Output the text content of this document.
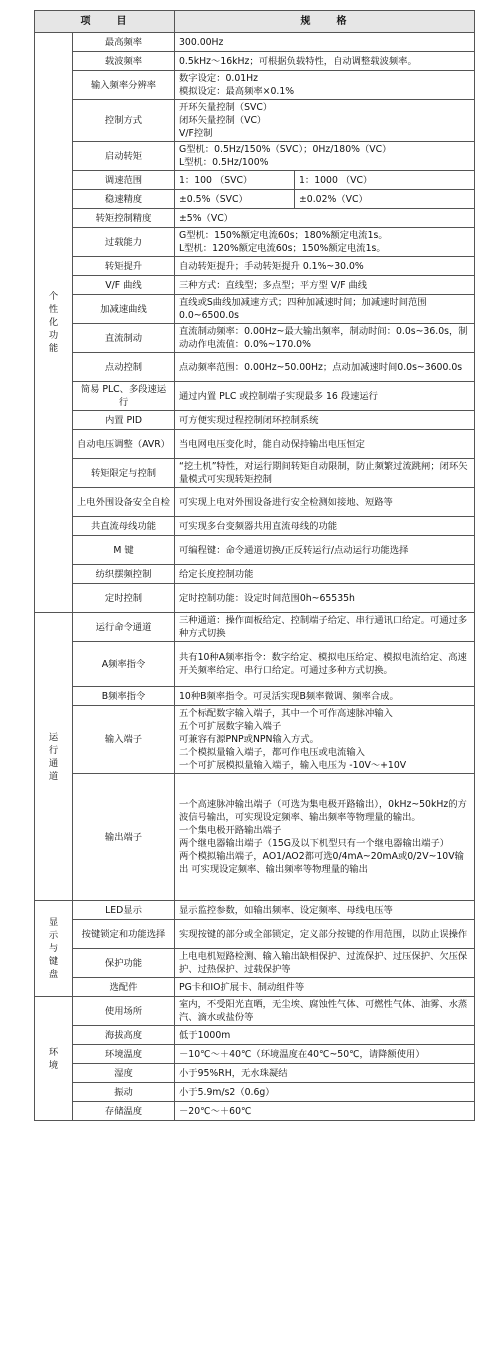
项　　目		规　　格	
个性化功能	最高频率	300.00Hz	

	载波频率	0.5kHz～16kHz；可根据负载特性，自动调整载波频率。	

	输入频率分辨率	数字设定：0.01Hz
模拟设定：最高频率×0.1%	

	控制方式	开环矢量控制（SVC）
闭环矢量控制（VC）
V/F控制	

	启动转矩	G型机：0.5Hz/150%（SVC）；0Hz/180%（VC）
L型机：0.5Hz/100%	

	调速范围	1：100 （SVC）	1：1000 （VC）
	稳速精度	±0.5%（SVC）	±0.02%（VC）
	转矩控制精度	±5%（VC）	

	过载能力	G型机：150%额定电流60s；180%额定电流1s。
L型机：120%额定电流60s；150%额定电流1s。	

	转矩提升	自动转矩提升；手动转矩提升 0.1%~30.0%	

	V/F 曲线	三种方式：直线型；多点型；平方型 V/F 曲线	

	加减速曲线	直线或S曲线加减速方式；四种加减速时间；加减速时间范围0.0~6500.0s	

	直流制动	直流制动频率：0.00Hz~最大输出频率，制动时间：0.0s~36.0s，制动动作电流值：0.0%~170.0%	

	点动控制	点动频率范围：0.00Hz~50.00Hz；点动加减速时间0.0s~3600.0s	

	简易 PLC、多段速运行	通过内置 PLC 或控制端子实现最多 16 段速运行	

	内置 PID	可方便实现过程控制闭环控制系统	

	自动电压调整（AVR）	当电网电压变化时，能自动保持输出电压恒定	

	转矩限定与控制	“挖土机”特性，对运行期间转矩自动限制，防止频繁过流跳闸；闭环矢量模式可实现转矩控制	

	上电外围设备安全自检	可实现上电对外围设备进行安全检测如接地、短路等	

	共直流母线功能	可实现多台变频器共用直流母线的功能	

	M 键	可编程键：命令通道切换/正反转运行/点动运行功能选择	

	纺织摆频控制	给定长度控制功能	

	定时控制	定时控制功能：设定时间范围0h~65535h	

运行通道	运行命令通道	三种通道：操作面板给定、控制端子给定、串行通讯口给定。可通过多种方式切换	

	A频率指令	共有10种A频率指令：数字给定、模拟电压给定、模拟电流给定、高速开关频率给定、串行口给定。可通过多种方式切换。	

	B频率指令	10种B频率指令。可灵活实现B频率微调、频率合成。	

	输入端子	五个标配数字输入端子，其中一个可作高速脉冲输入
五个可扩展数字输入端子
可兼容有源PNP或NPN输入方式。
二个模拟量输入端子，都可作电压或电流输入
一个可扩展模拟量输入端子，输入电压为 -10V～+10V	

	输出端子	一个高速脉冲输出端子（可选为集电极开路输出），0kHz~50kHz的方波信号输出，可实现设定频率、输出频率等物理量的输出。
一个集电极开路输出端子
两个继电器输出端子（15G及以下机型只有一个继电器输出端子）
两个模拟输出端子，AO1/AO2都可选0/4mA~20mA或0/2V~10V输出 可实现设定频率、输出频率等物理量的输出	

显示与键盘	LED显示	显示监控参数，如输出频率、设定频率、母线电压等	

	按键锁定和功能选择	实现按键的部分或全部锁定，定义部分按键的作用范围，以防止误操作	

	保护功能	上电电机短路检测、输入输出缺相保护、过流保护、过压保护、欠压保护、过热保护、过载保护等	

	选配件	PG卡和IO扩展卡、制动组件等	

环境	使用场所	室内，不受阳光直晒，无尘埃、腐蚀性气体、可燃性气体、油雾、水蒸汽、滴水或盐份等	

	海拔高度	低于1000m	

	环境温度	－10℃～＋40℃（环境温度在40℃~50℃，请降额使用）	

	湿度	小于95%RH，无水珠凝结	

	振动	小于5.9m/s2（0.6g）	

	存储温度	－20℃～＋60℃	
